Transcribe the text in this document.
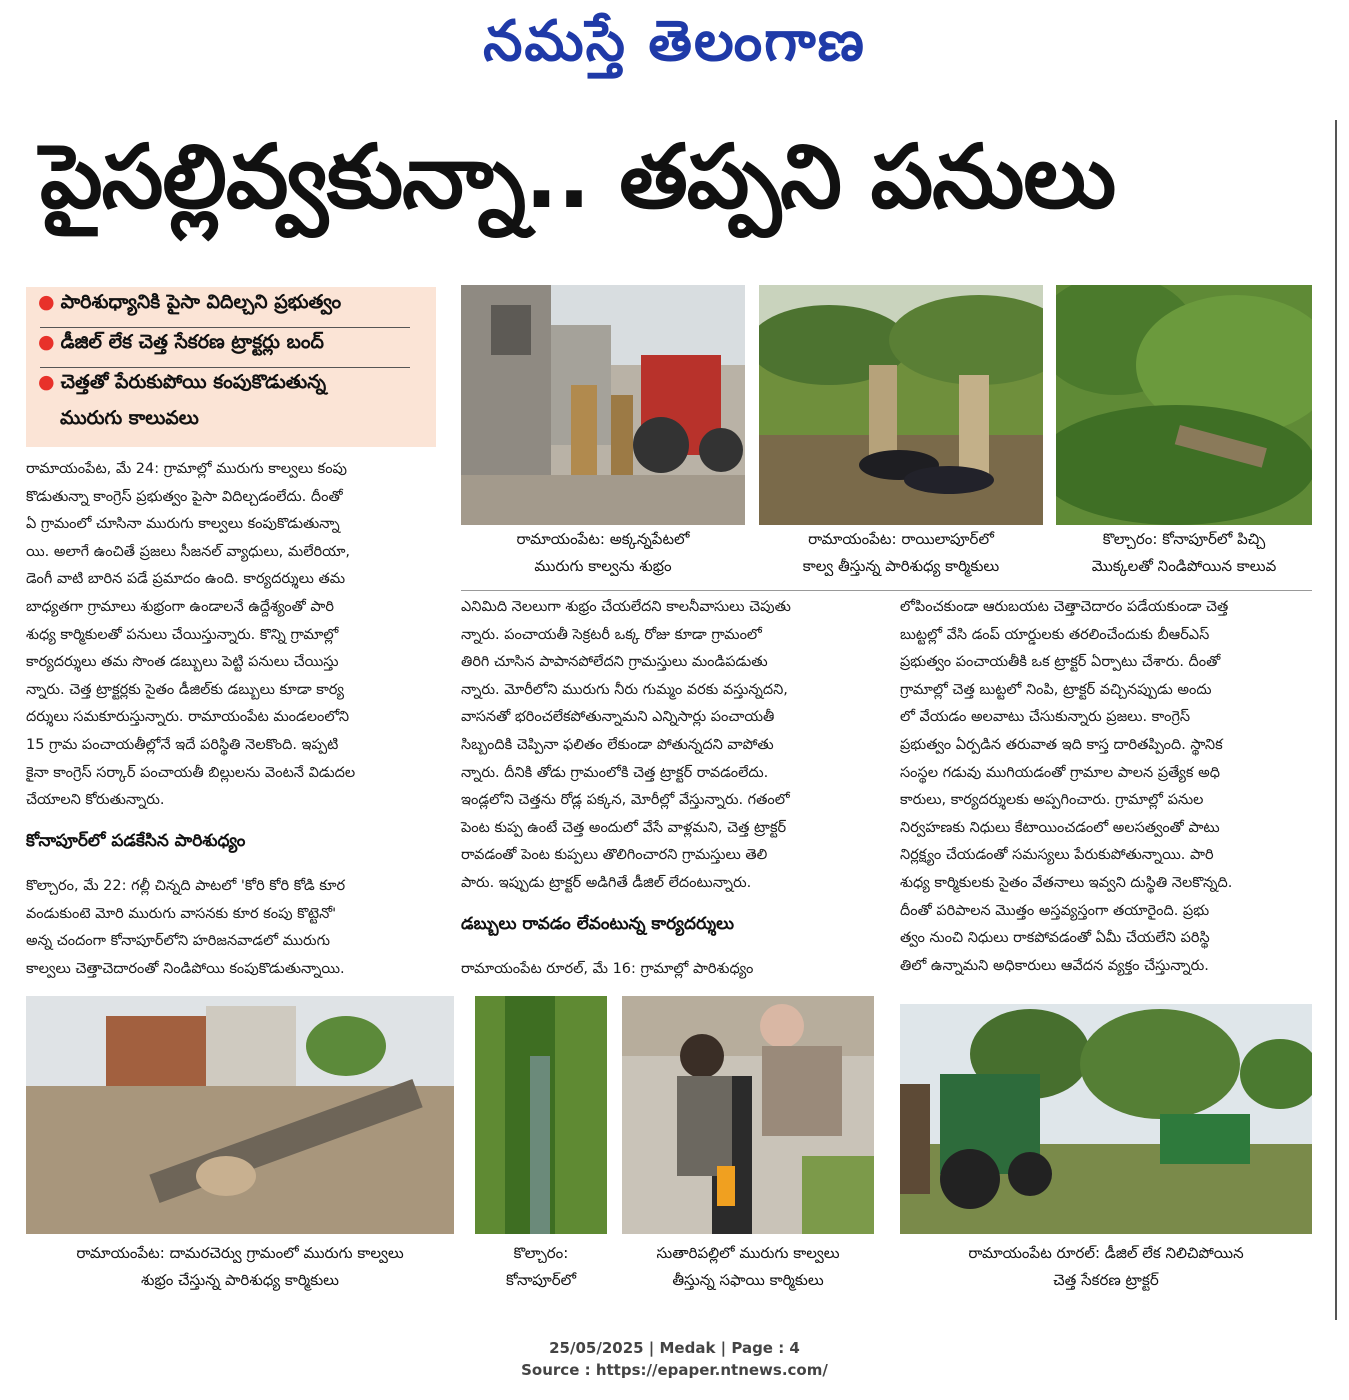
నమస్తే తెలంగాణ
పైసల్లివ్వకున్నా.. తప్పని పనులు
● పారిశుధ్యానికి పైసా విదిల్చని ప్రభుత్వం
● డీజిల్ లేక చెత్త సేకరణ ట్రాక్టర్లు బంద్
● చెత్తతో పేరుకుపోయి కంపుకొడుతున్న
మురుగు కాలువలు
రామాయంపేట: అక్కన్నపేటలో
మురుగు కాల్వను శుభ్రం
రామాయంపేట: రాయిలాపూర్‌లో
కాల్వ తీస్తున్న పారిశుధ్య కార్మికులు
కొల్చారం: కోనాపూర్‌లో పిచ్చి
మొక్కలతో నిండిపోయిన కాలువ

రామాయంపేట, మే 24: గ్రామాల్లో మురుగు కాల్వలు కంపు

కొడుతున్నా కాంగ్రెస్ ప్రభుత్వం పైసా విదిల్చడంలేదు. దీంతో

ఏ గ్రామంలో చూసినా మురుగు కాల్వలు కంపుకొడుతున్నా

యి. అలాగే ఉంచితే ప్రజలు సీజనల్ వ్యాధులు, మలేరియా,

డెంగీ వాటి బారిన పడే ప్రమాదం ఉంది. కార్యదర్శులు తమ

బాధ్యతగా గ్రామాలు శుభ్రంగా ఉండాలనే ఉద్దేశ్యంతో పారి

శుధ్య కార్మికులతో పనులు చేయిస్తున్నారు. కొన్ని గ్రామాల్లో

కార్యదర్శులు తమ సొంత డబ్బులు పెట్టి పనులు చేయిస్తు

న్నారు. చెత్త ట్రాక్టర్లకు సైతం డీజిల్‌కు డబ్బులు కూడా కార్య

దర్శులు సమకూరుస్తున్నారు. రామాయంపేట మండలంలోని

15 గ్రామ పంచాయతీల్లోనే ఇదే పరిస్థితి నెలకొంది. ఇప్పటి

కైనా కాంగ్రెస్ సర్కార్ పంచాయతీ బిల్లులను వెంటనే విడుదల

చేయాలని కోరుతున్నారు.

కోనాపూర్‌లో పడకేసిన పారిశుధ్యం

కొల్చారం, మే 22: గల్లీ చిన్నది పాటలో 'కోరి కోరి కోడి కూర

వండుకుంటె మోరి మురుగు వాసనకు కూర కంపు కొట్టెనో'

అన్న చందంగా కోనాపూర్‌లోని హరిజనవాడలో మురుగు

కాల్వలు చెత్తాచెదారంతో నిండిపోయి కంపుకొడుతున్నాయి.

ఎనిమిది నెలలుగా శుభ్రం చేయలేదని కాలనీవాసులు చెపుతు

న్నారు. పంచాయతీ సెక్రటరీ ఒక్క రోజు కూడా గ్రామంలో

తిరిగి చూసిన పాపానపోలేదని గ్రామస్తులు మండిపడుతు

న్నారు. మోరీలోని మురుగు నీరు గుమ్మం వరకు వస్తున్నదని,

వాసనతో భరించలేకపోతున్నామని ఎన్నిసార్లు పంచాయతీ

సిబ్బందికి చెప్పినా ఫలితం లేకుండా పోతున్నదని వాపోతు

న్నారు. దీనికి తోడు గ్రామంలోకి చెత్త ట్రాక్టర్ రావడంలేదు.

ఇండ్లలోని చెత్తను రోడ్ల పక్కన, మోరీల్లో వేస్తున్నారు. గతంలో

పెంట కుప్ప ఉంటే చెత్త అందులో వేసే వాళ్లమని, చెత్త ట్రాక్టర్

రావడంతో పెంట కుప్పలు తొలిగించారని గ్రామస్తులు తెలి

పారు. ఇప్పుడు ట్రాక్టర్ అడిగితే డీజిల్ లేదంటున్నారు.

డబ్బులు రావడం లేవంటున్న కార్యదర్శులు

రామాయంపేట రూరల్, మే 16: గ్రామాల్లో పారిశుధ్యం

లోపించకుండా ఆరుబయట చెత్తాచెదారం పడేయకుండా చెత్త

బుట్టల్లో వేసి డంప్ యార్డులకు తరలించేందుకు బీఆర్‌ఎస్

ప్రభుత్వం పంచాయతీకి ఒక ట్రాక్టర్ ఏర్పాటు చేశారు. దీంతో

గ్రామాల్లో చెత్త బుట్టలో నింపి, ట్రాక్టర్ వచ్చినప్పుడు అందు

లో వేయడం అలవాటు చేసుకున్నారు ప్రజలు. కాంగ్రెస్

ప్రభుత్వం ఏర్పడిన తరువాత ఇది కాస్త దారితప్పింది. స్థానిక

సంస్థల గడువు ముగియడంతో గ్రామాల పాలన ప్రత్యేక అధి

కారులు, కార్యదర్శులకు అప్పగించారు. గ్రామాల్లో పనుల

నిర్వహణకు నిధులు కేటాయించడంలో అలసత్వంతో పాటు

నిర్లక్ష్యం చేయడంతో సమస్యలు పేరుకుపోతున్నాయి. పారి

శుధ్య కార్మికులకు సైతం వేతనాలు ఇవ్వని దుస్థితి నెలకొన్నది.

దీంతో పరిపాలన మొత్తం అస్తవ్యస్తంగా తయారైంది. ప్రభు

త్వం నుంచి నిధులు రాకపోవడంతో ఏమీ చేయలేని పరిస్థి

తిలో ఉన్నామని అధికారులు ఆవేదన వ్యక్తం చేస్తున్నారు.

రామాయంపేట: దామరచెర్వు గ్రామంలో మురుగు కాల్వలు
శుభ్రం చేస్తున్న పారిశుధ్య కార్మికులు
కొల్చారం:
కోనాపూర్‌లో
సుతారిపల్లిలో మురుగు కాల్వలు
తీస్తున్న సఫాయి కార్మికులు
రామాయంపేట రూరల్: డీజిల్ లేక నిలిచిపోయిన
చెత్త సేకరణ ట్రాక్టర్
25/05/2025 | Medak | Page : 4
Source : https://epaper.ntnews.com/
